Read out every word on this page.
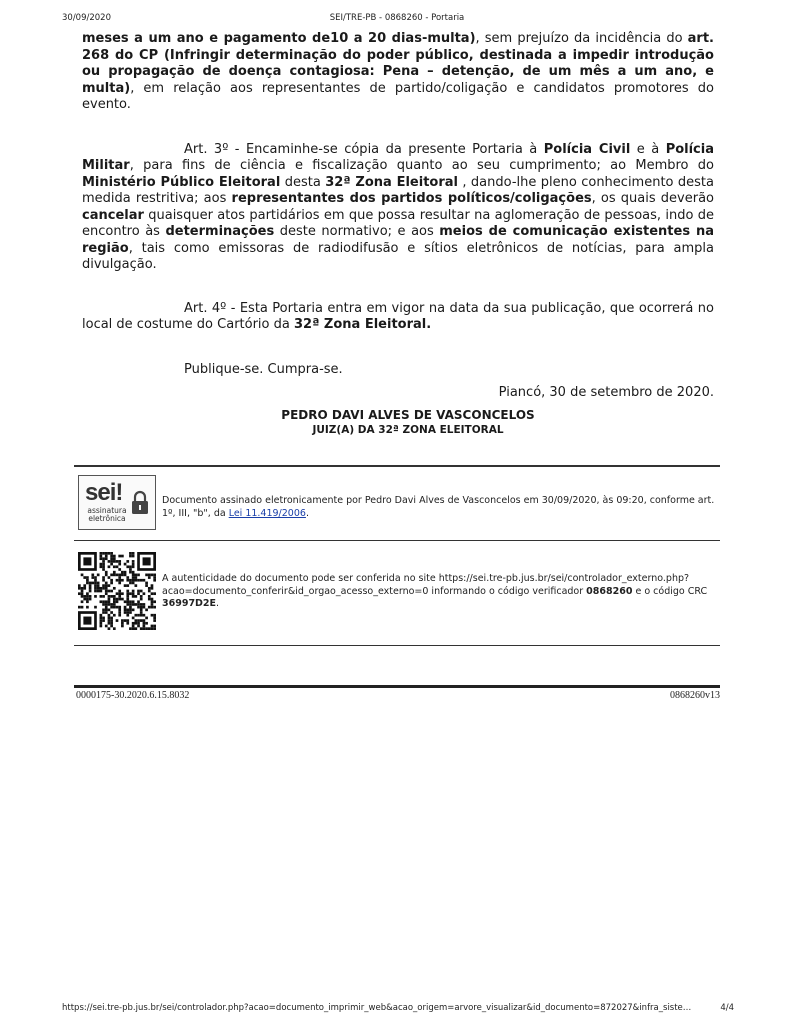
30/09/2020	SEI/TRE-PB - 0868260 - Portaria

meses a um ano e pagamento de10 a 20 dias-multa), sem prejuízo da incidência do art. 268 do CP (Infringir determinação do poder público, destinada a impedir introdução ou propagação de doença contagiosa: Pena – detenção, de um mês a um ano, e multa), em relação aos representantes de partido/coligação e candidatos promotores do evento.

Art. 3º - Encaminhe-se cópia da presente Portaria à Polícia Civil e à Polícia Militar, para fins de ciência e fiscalização quanto ao seu cumprimento; ao Membro do Ministério Público Eleitoral desta 32ª Zona Eleitoral , dando-lhe pleno conhecimento desta medida restritiva; aos representantes dos partidos políticos/coligações, os quais deverão cancelar quaisquer atos partidários em que possa resultar na aglomeração de pessoas, indo de encontro às determinações deste normativo; e aos meios de comunicação existentes na região, tais como emissoras de radiodifusão e sítios eletrônicos de notícias, para ampla divulgação.

Art. 4º - Esta Portaria entra em vigor na data da sua publicação, que ocorrerá no local de costume do Cartório da 32ª Zona Eleitoral.

Publique-se. Cumpra-se.

Piancó, 30 de setembro de 2020.

PEDRO DAVI ALVES DE VASCONCELOS

JUIZ(A) DA 32ª ZONA ELEITORAL

sei!
assinatura eletrônica
Documento assinado eletronicamente por Pedro Davi Alves de Vasconcelos em 30/09/2020, às 09:20, conforme art. 1º, III, "b", da Lei 11.419/2006.
A autenticidade do documento pode ser conferida no site https://sei.tre-pb.jus.br/sei/controlador_externo.php?acao=documento_conferir&id_orgao_acesso_externo=0 informando o código verificador 0868260 e o código CRC 36997D2E.
0000175-30.2020.6.15.8032	0868260v13
https://sei.tre-pb.jus.br/sei/controlador.php?acao=documento_imprimir_web&acao_origem=arvore_visualizar&id_documento=872027&infra_siste…	4/4
